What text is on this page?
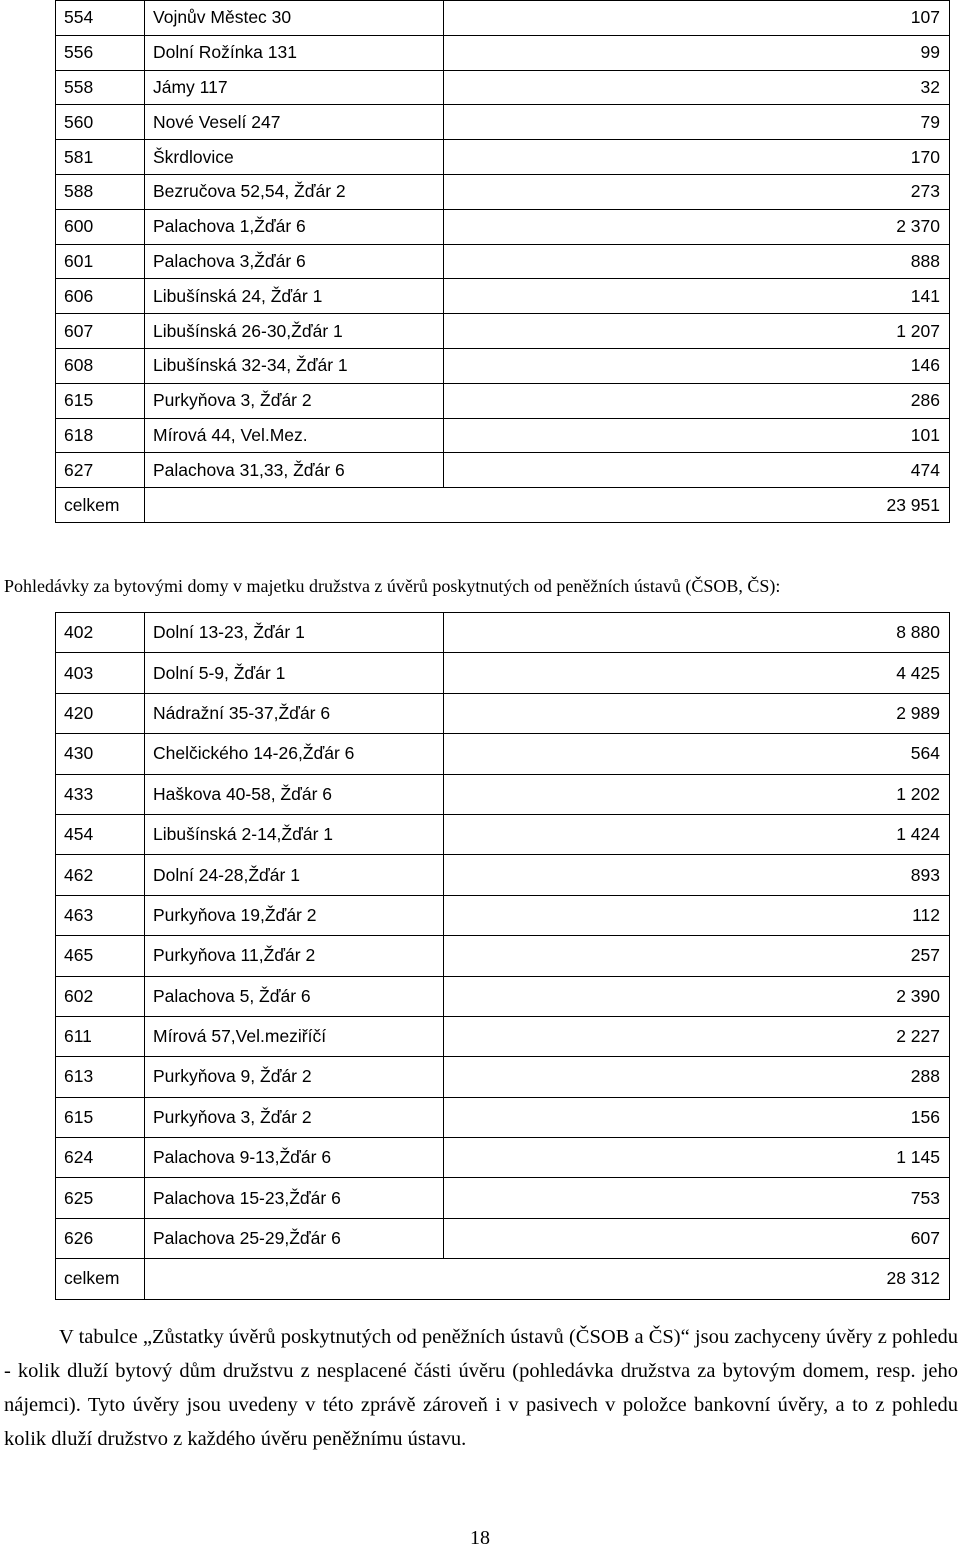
554	Vojnův Městec 30	107
556	Dolní Rožínka 131	99
558	Jámy 117	32
560	Nové Veselí 247	79
581	Škrdlovice	170
588	Bezručova 52,54, Žďár 2	273
600	Palachova 1,Žďár 6	2 370
601	Palachova 3,Žďár 6	888
606	Libušínská 24, Žďár 1	141
607	Libušínská 26-30,Žďár 1	1 207
608	Libušínská 32-34, Žďár 1	146
615	Purkyňova 3, Žďár 2	286
618	Mírová 44, Vel.Mez.	101
627	Palachova 31,33, Žďár 6	474
celkem	23 951	
Pohledávky za bytovými domy v majetku družstva z úvěrů poskytnutých od peněžních ústavů (ČSOB, ČS):
402	Dolní 13-23, Žďár 1	8 880
403	Dolní 5-9, Žďár 1	4 425
420	Nádražní 35-37,Žďár 6	2 989
430	Chelčického 14-26,Žďár 6	564
433	Haškova 40-58, Žďár 6	1 202
454	Libušínská 2-14,Žďár 1	1 424
462	Dolní 24-28,Žďár 1	893
463	Purkyňova 19,Žďár 2	112
465	Purkyňova 11,Žďár 2	257
602	Palachova 5, Žďár 6	2 390
611	Mírová 57,Vel.meziříčí	2 227
613	Purkyňova 9, Žďár 2	288
615	Purkyňova 3, Žďár 2	156
624	Palachova 9-13,Žďár 6	1 145
625	Palachova 15-23,Žďár 6	753
626	Palachova 25-29,Žďár 6	607
celkem	28 312	

V tabulce „Zůstatky úvěrů poskytnutých od peněžních ústavů (ČSOB a ČS)“ jsou zachyceny úvěry z pohledu - kolik dluží bytový dům družstvu z nesplacené části úvěru (pohledávka družstva za bytovým domem, resp. jeho nájemci). Tyto úvěry jsou uvedeny v této zprávě zároveň i v pasivech v položce bankovní úvěry, a to z pohledu kolik dluží družstvo z každého úvěru peněžnímu ústavu.

18
